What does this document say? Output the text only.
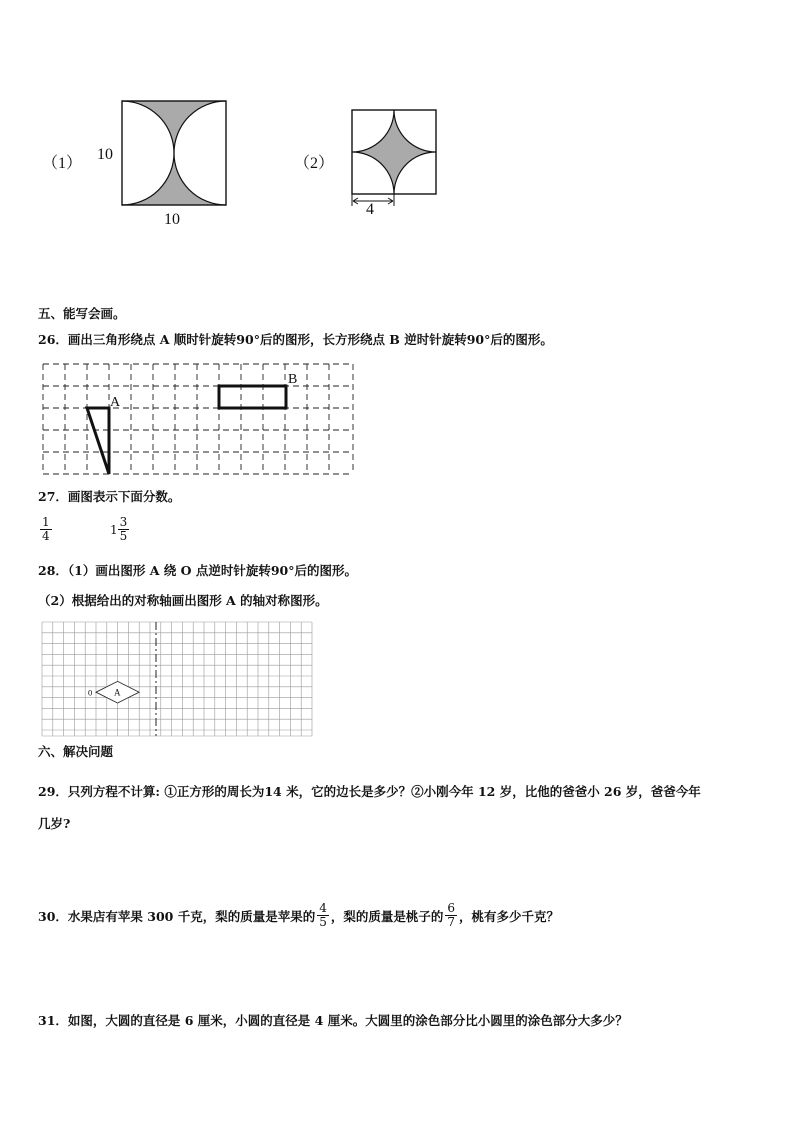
（1）
10
10
（2）
4
五、能写会画。
26．画出三角形绕点 A 顺时针旋转90°后的图形，长方形绕点 B 逆时针旋转90°后的图形。
A
B
27．画图表示下面分数。
$\frac{1}{4}$	$1 \frac{3}{5}$
28．（1）画出图形 A 绕 O 点逆时针旋转90°后的图形。
（2）根据给出的对称轴画出图形 A 的轴对称图形。
A
0
六、解决问题
29．只列方程不计算: ①正方形的周长为14 米，它的边长是多少？②小刚今年 12 岁，比他的爸爸小 26 岁，爸爸今年
几岁?
30．水果店有苹果 300 千克，梨的质量是苹果的 $\frac{4}{5}$ ，梨的质量是桃子的 $\frac{6}{7}$ ，桃有多少千克？
31．如图，大圆的直径是 6 厘米，小圆的直径是 4 厘米。大圆里的涂色部分比小圆里的涂色部分大多少？
